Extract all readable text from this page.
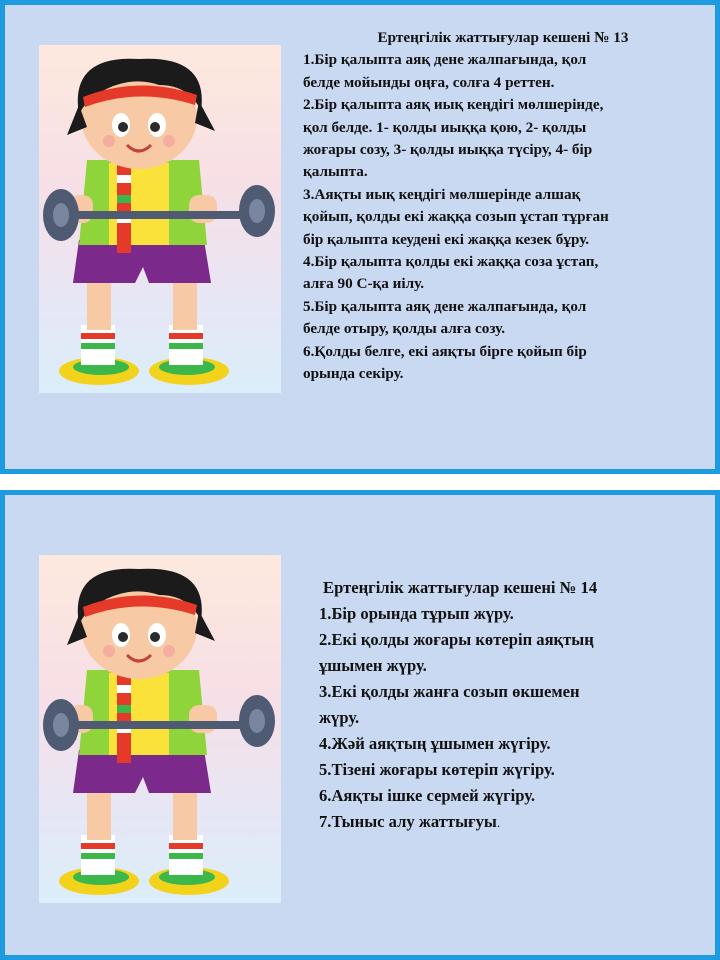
Ертеңгілік жаттығулар кешені № 13
1.Бір қалыпта аяқ дене жалпағында, қол
белде мойынды оңға, солға 4 реттен.
2.Бір қалыпта аяқ иық кеңдігі мөлшерінде,
қол белде. 1- қолды иыққа қою, 2- қолды
жоғары созу, 3- қолды иыққа түсіру, 4- бір
қалыпта.
3.Аяқты иық кеңдігі мөлшерінде алшақ
қойып, қолды екі жаққа созып ұстап тұрған
бір қалыпта кеудені екі жаққа кезек бұру.
4.Бір қалыпта қолды екі жаққа соза ұстап,
алға 90 С-қа иілу.
5.Бір қалыпта аяқ дене жалпағында, қол
белде отыру, қолды алға созу.
6.Қолды белге, екі аяқты бірге қойып бір
орында секіру.
Ертеңгілік жаттығулар кешені № 14
1.Бір орында тұрып жүру.
2.Екі қолды жоғары көтеріп аяқтың
ұшымен жүру.
3.Екі қолды жанға созып өкшемен
жүру.
4.Жәй аяқтың ұшымен жүгіру.
5.Тізені жоғары көтеріп жүгіру.
6.Аяқты ішке сермей жүгіру.
7.Тыныс алу жаттығуы.
